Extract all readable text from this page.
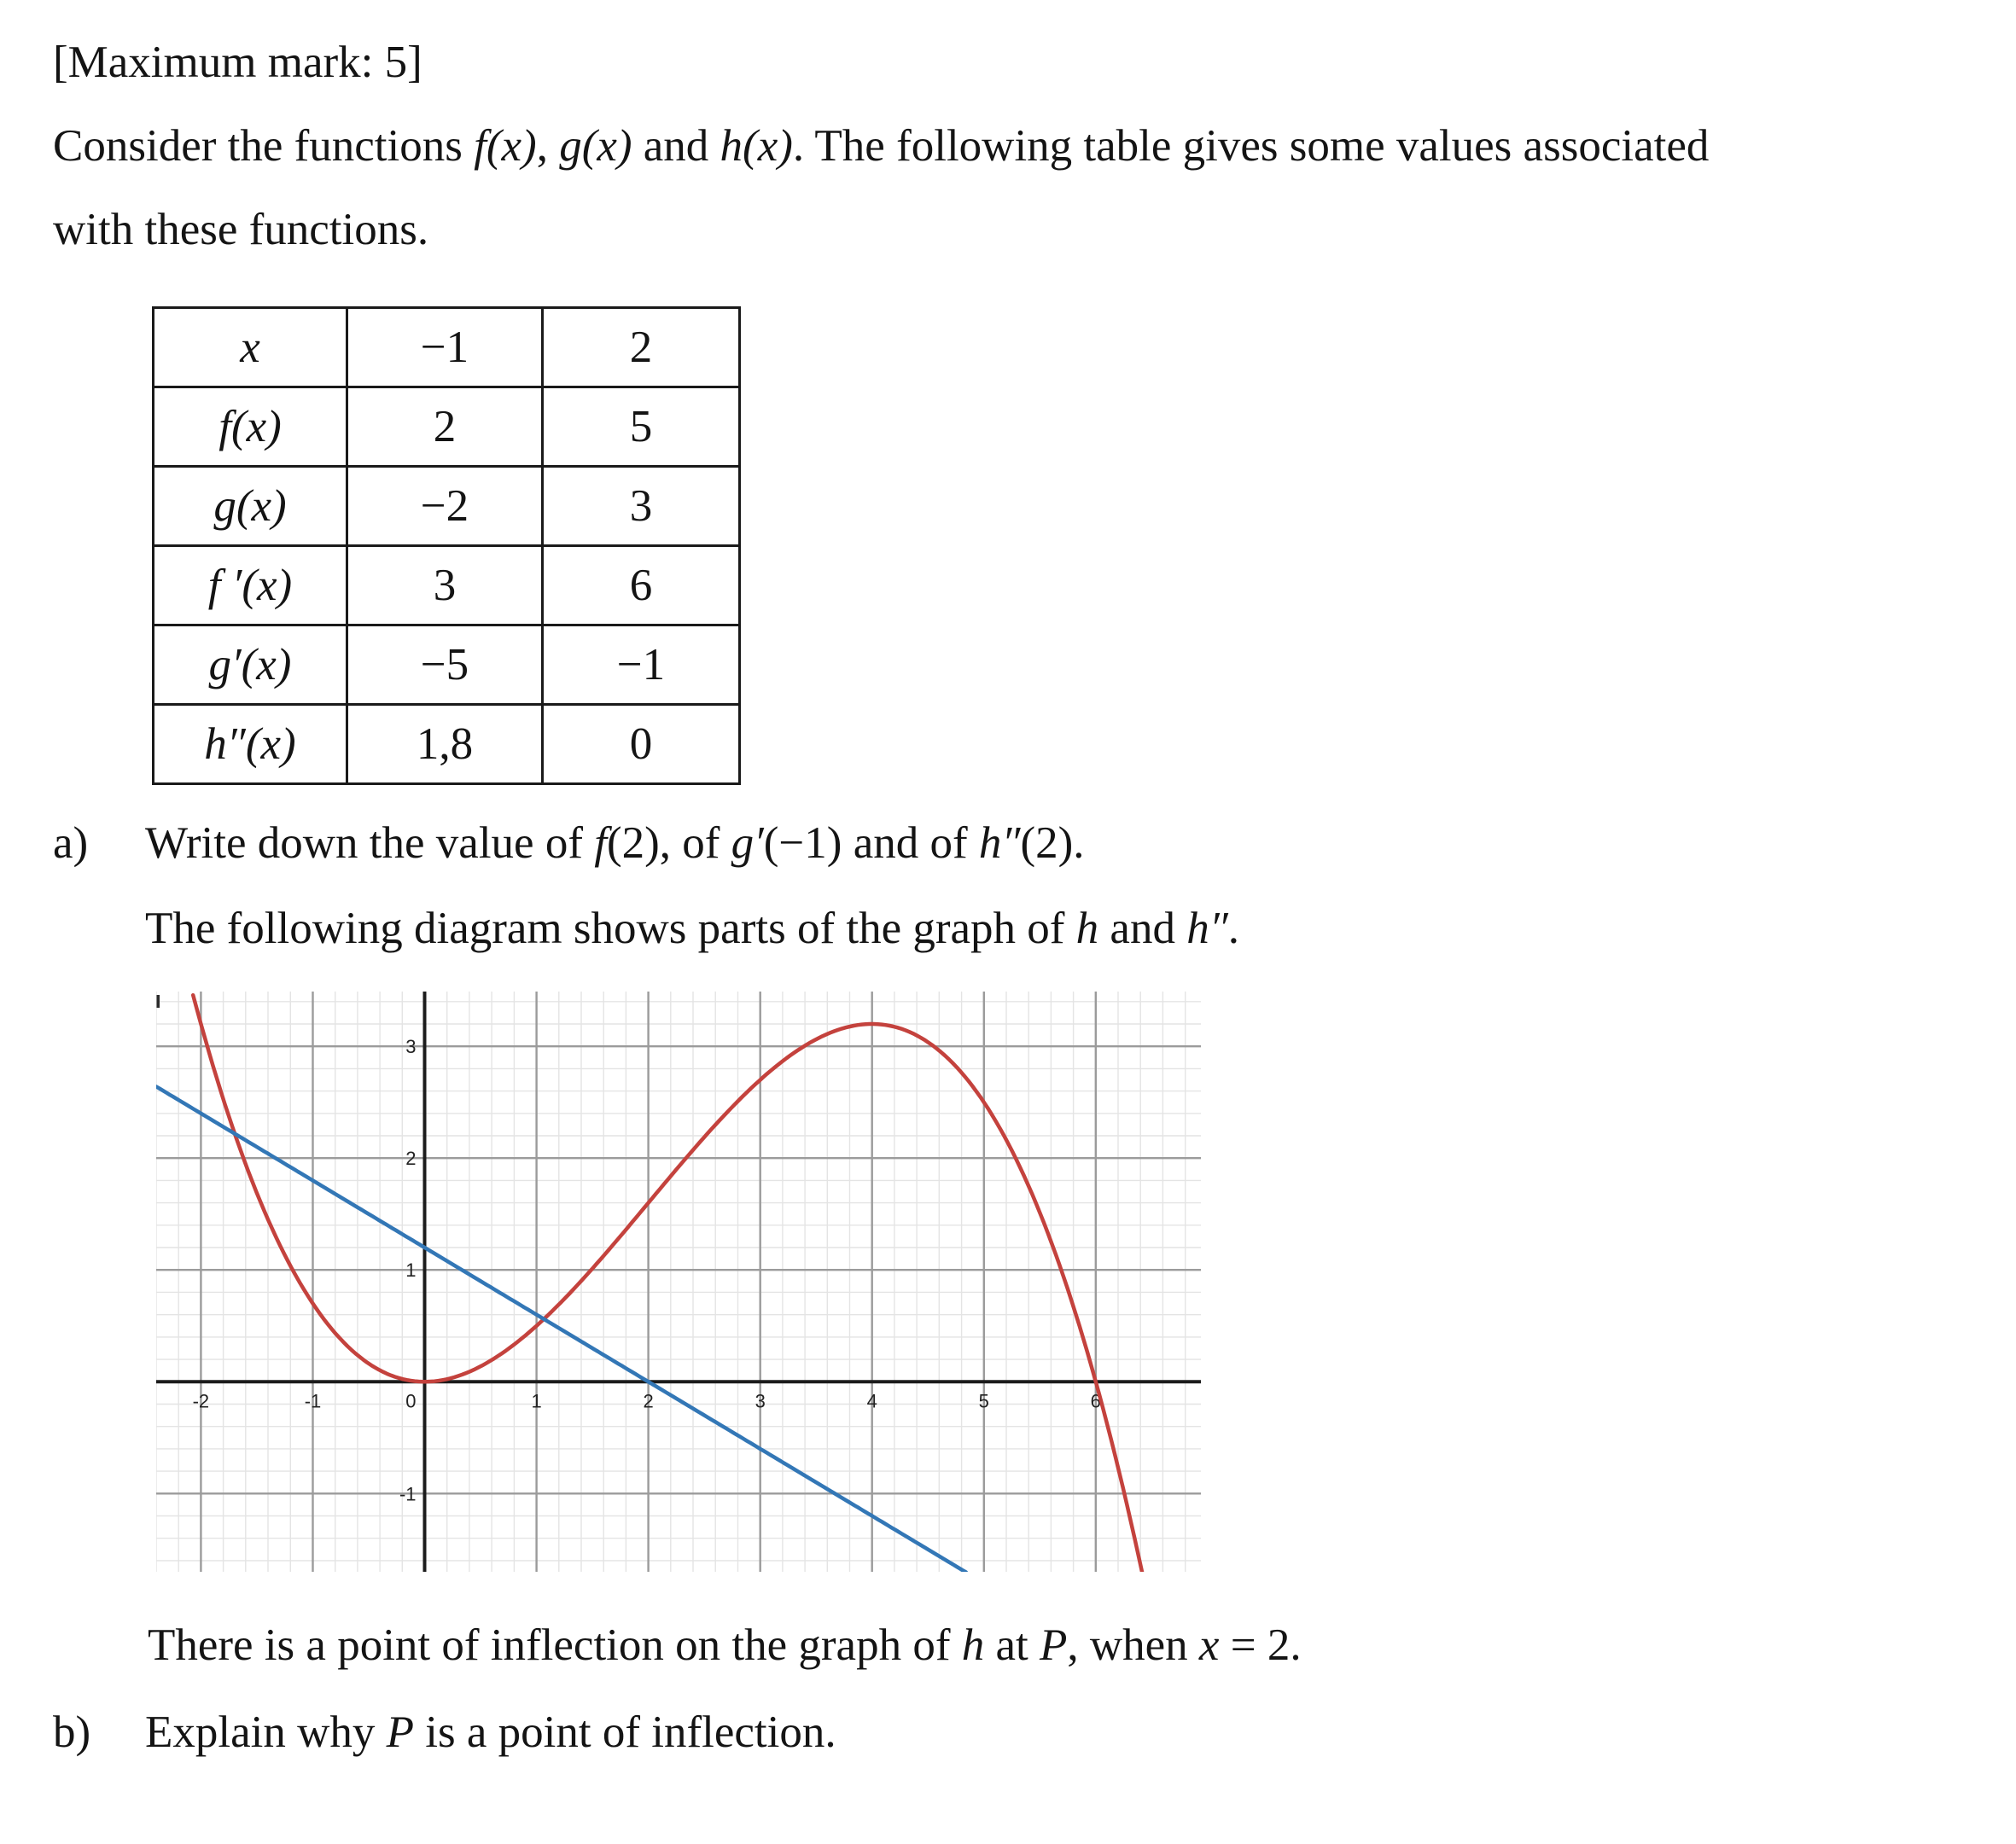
[Maximum mark: 5]
Consider the functions f(x), g(x) and h(x). The following table gives some values associated
with these functions.
x	−1	2
f(x)	2	5
g(x)	−2	3
f ′(x)	3	6
g′(x)	−5	−1
h″(x)	1,8	0
a) Write down the value of f(2), of g′(−1) and of h″(2).
The following diagram shows parts of the graph of h and h″.
-2	-1	0	1	2	3	4	5	6
-1
1
2
3
There is a point of inflection on the graph of h at P, when x = 2.
b) Explain why P is a point of inflection.
